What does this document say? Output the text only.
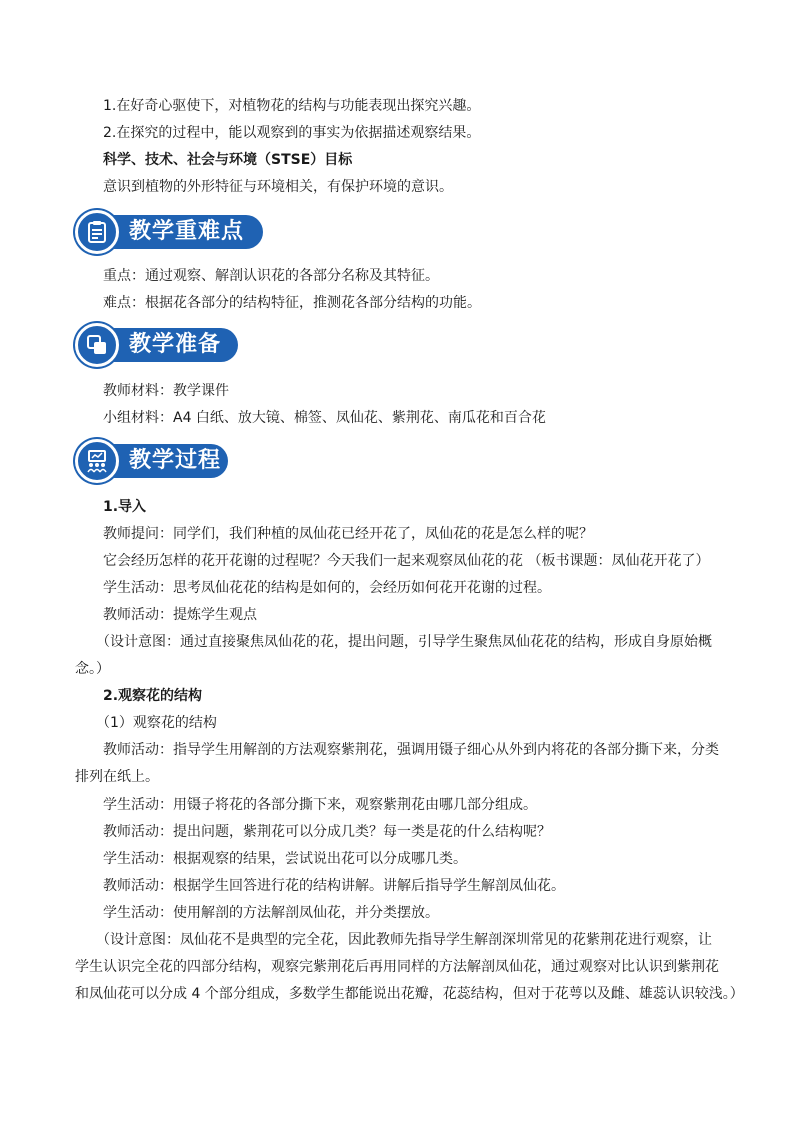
1.在好奇心驱使下，对植物花的结构与功能表现出探究兴趣。
2.在探究的过程中，能以观察到的事实为依据描述观察结果。
科学、技术、社会与环境（STSE）目标
意识到植物的外形特征与环境相关，有保护环境的意识。
教学重难点
重点：通过观察、解剖认识花的各部分名称及其特征。
难点：根据花各部分的结构特征，推测花各部分结构的功能。
教学准备
教师材料：教学课件
小组材料：A4 白纸、放大镜、棉签、凤仙花、紫荆花、南瓜花和百合花
教学过程
1.导入
教师提问：同学们，我们种植的凤仙花已经开花了，凤仙花的花是怎么样的呢？
它会经历怎样的花开花谢的过程呢？今天我们一起来观察凤仙花的花 （板书课题：凤仙花开花了）
学生活动：思考凤仙花花的结构是如何的，会经历如何花开花谢的过程。
教师活动：提炼学生观点
（设计意图：通过直接聚焦凤仙花的花，提出问题，引导学生聚焦凤仙花花的结构，形成自身原始概
念。）
2.观察花的结构
（1）观察花的结构
教师活动：指导学生用解剖的方法观察紫荆花，强调用镊子细心从外到内将花的各部分撕下来，分类
排列在纸上。
学生活动：用镊子将花的各部分撕下来，观察紫荆花由哪几部分组成。
教师活动：提出问题，紫荆花可以分成几类？每一类是花的什么结构呢？
学生活动：根据观察的结果，尝试说出花可以分成哪几类。
教师活动：根据学生回答进行花的结构讲解。讲解后指导学生解剖凤仙花。
学生活动：使用解剖的方法解剖凤仙花，并分类摆放。
（设计意图：凤仙花不是典型的完全花，因此教师先指导学生解剖深圳常见的花紫荆花进行观察，让
学生认识完全花的四部分结构，观察完紫荆花后再用同样的方法解剖凤仙花，通过观察对比认识到紫荆花
和凤仙花可以分成 4 个部分组成，多数学生都能说出花瓣，花蕊结构，但对于花萼以及雌、雄蕊认识较浅。）
